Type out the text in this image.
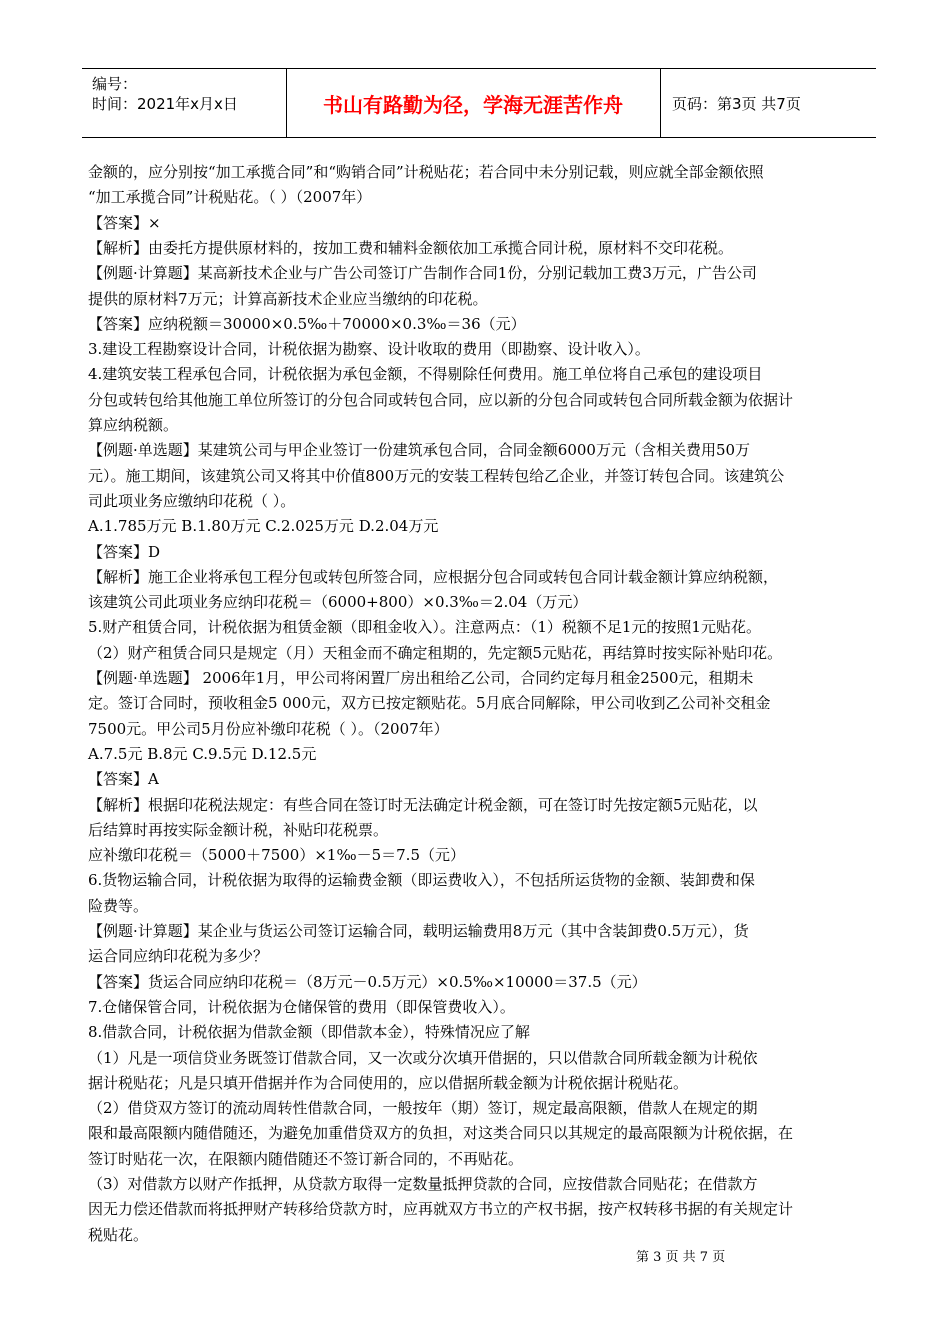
编号：
时间：2021年x月x日	书山有路勤为径，学海无涯苦作舟	页码：第3页 共7页
金额的，应分别按“加工承揽合同”和“购销合同”计税贴花；若合同中未分别记载，则应就全部金额依照
“加工承揽合同”计税贴花。（ ）（2007年）
【答案】×
【解析】由委托方提供原材料的，按加工费和辅料金额依加工承揽合同计税，原材料不交印花税。
【例题·计算题】某高新技术企业与广告公司签订广告制作合同1份，分别记载加工费3万元，广告公司
提供的原材料7万元；计算高新技术企业应当缴纳的印花税。
【答案】应纳税额＝30000×0.5‰＋70000×0.3‰＝36（元）
3.建设工程勘察设计合同，计税依据为勘察、设计收取的费用（即勘察、设计收入）。
4.建筑安装工程承包合同，计税依据为承包金额，不得剔除任何费用。施工单位将自己承包的建设项目
分包或转包给其他施工单位所签订的分包合同或转包合同，应以新的分包合同或转包合同所载金额为依据计
算应纳税额。
【例题·单选题】某建筑公司与甲企业签订一份建筑承包合同，合同金额6000万元（含相关费用50万
元）。施工期间，该建筑公司又将其中价值800万元的安装工程转包给乙企业，并签订转包合同。该建筑公
司此项业务应缴纳印花税（ ）。
A.1.785万元 B.1.80万元 C.2.025万元 D.2.04万元
【答案】D
【解析】施工企业将承包工程分包或转包所签合同，应根据分包合同或转包合同计载金额计算应纳税额，
该建筑公司此项业务应纳印花税＝（6000+800）×0.3‰＝2.04（万元）
5.财产租赁合同，计税依据为租赁金额（即租金收入）。注意两点：（1）税额不足1元的按照1元贴花。
（2）财产租赁合同只是规定（月）天租金而不确定租期的，先定额5元贴花，再结算时按实际补贴印花。
【例题·单选题】 2006年1月，甲公司将闲置厂房出租给乙公司，合同约定每月租金2500元，租期未
定。签订合同时，预收租金5 000元，双方已按定额贴花。5月底合同解除，甲公司收到乙公司补交租金
7500元。甲公司5月份应补缴印花税（ ）。（2007年）
A.7.5元 B.8元 C.9.5元 D.12.5元
【答案】A
【解析】根据印花税法规定：有些合同在签订时无法确定计税金额，可在签订时先按定额5元贴花，以
后结算时再按实际金额计税，补贴印花税票。
应补缴印花税＝（5000＋7500）×1‰－5＝7.5（元）
6.货物运输合同，计税依据为取得的运输费金额（即运费收入），不包括所运货物的金额、装卸费和保
险费等。
【例题·计算题】某企业与货运公司签订运输合同，载明运输费用8万元（其中含装卸费0.5万元），货
运合同应纳印花税为多少？
【答案】货运合同应纳印花税＝（8万元－0.5万元）×0.5‰×10000＝37.5（元）
7.仓储保管合同，计税依据为仓储保管的费用（即保管费收入）。
8.借款合同，计税依据为借款金额（即借款本金），特殊情况应了解
（1）凡是一项信贷业务既签订借款合同，又一次或分次填开借据的，只以借款合同所载金额为计税依
据计税贴花；凡是只填开借据并作为合同使用的，应以借据所载金额为计税依据计税贴花。
（2）借贷双方签订的流动周转性借款合同，一般按年（期）签订，规定最高限额，借款人在规定的期
限和最高限额内随借随还，为避免加重借贷双方的负担，对这类合同只以其规定的最高限额为计税依据，在
签订时贴花一次，在限额内随借随还不签订新合同的，不再贴花。
（3）对借款方以财产作抵押，从贷款方取得一定数量抵押贷款的合同，应按借款合同贴花；在借款方
因无力偿还借款而将抵押财产转移给贷款方时，应再就双方书立的产权书据，按产权转移书据的有关规定计
税贴花。
第 3 页 共 7 页
